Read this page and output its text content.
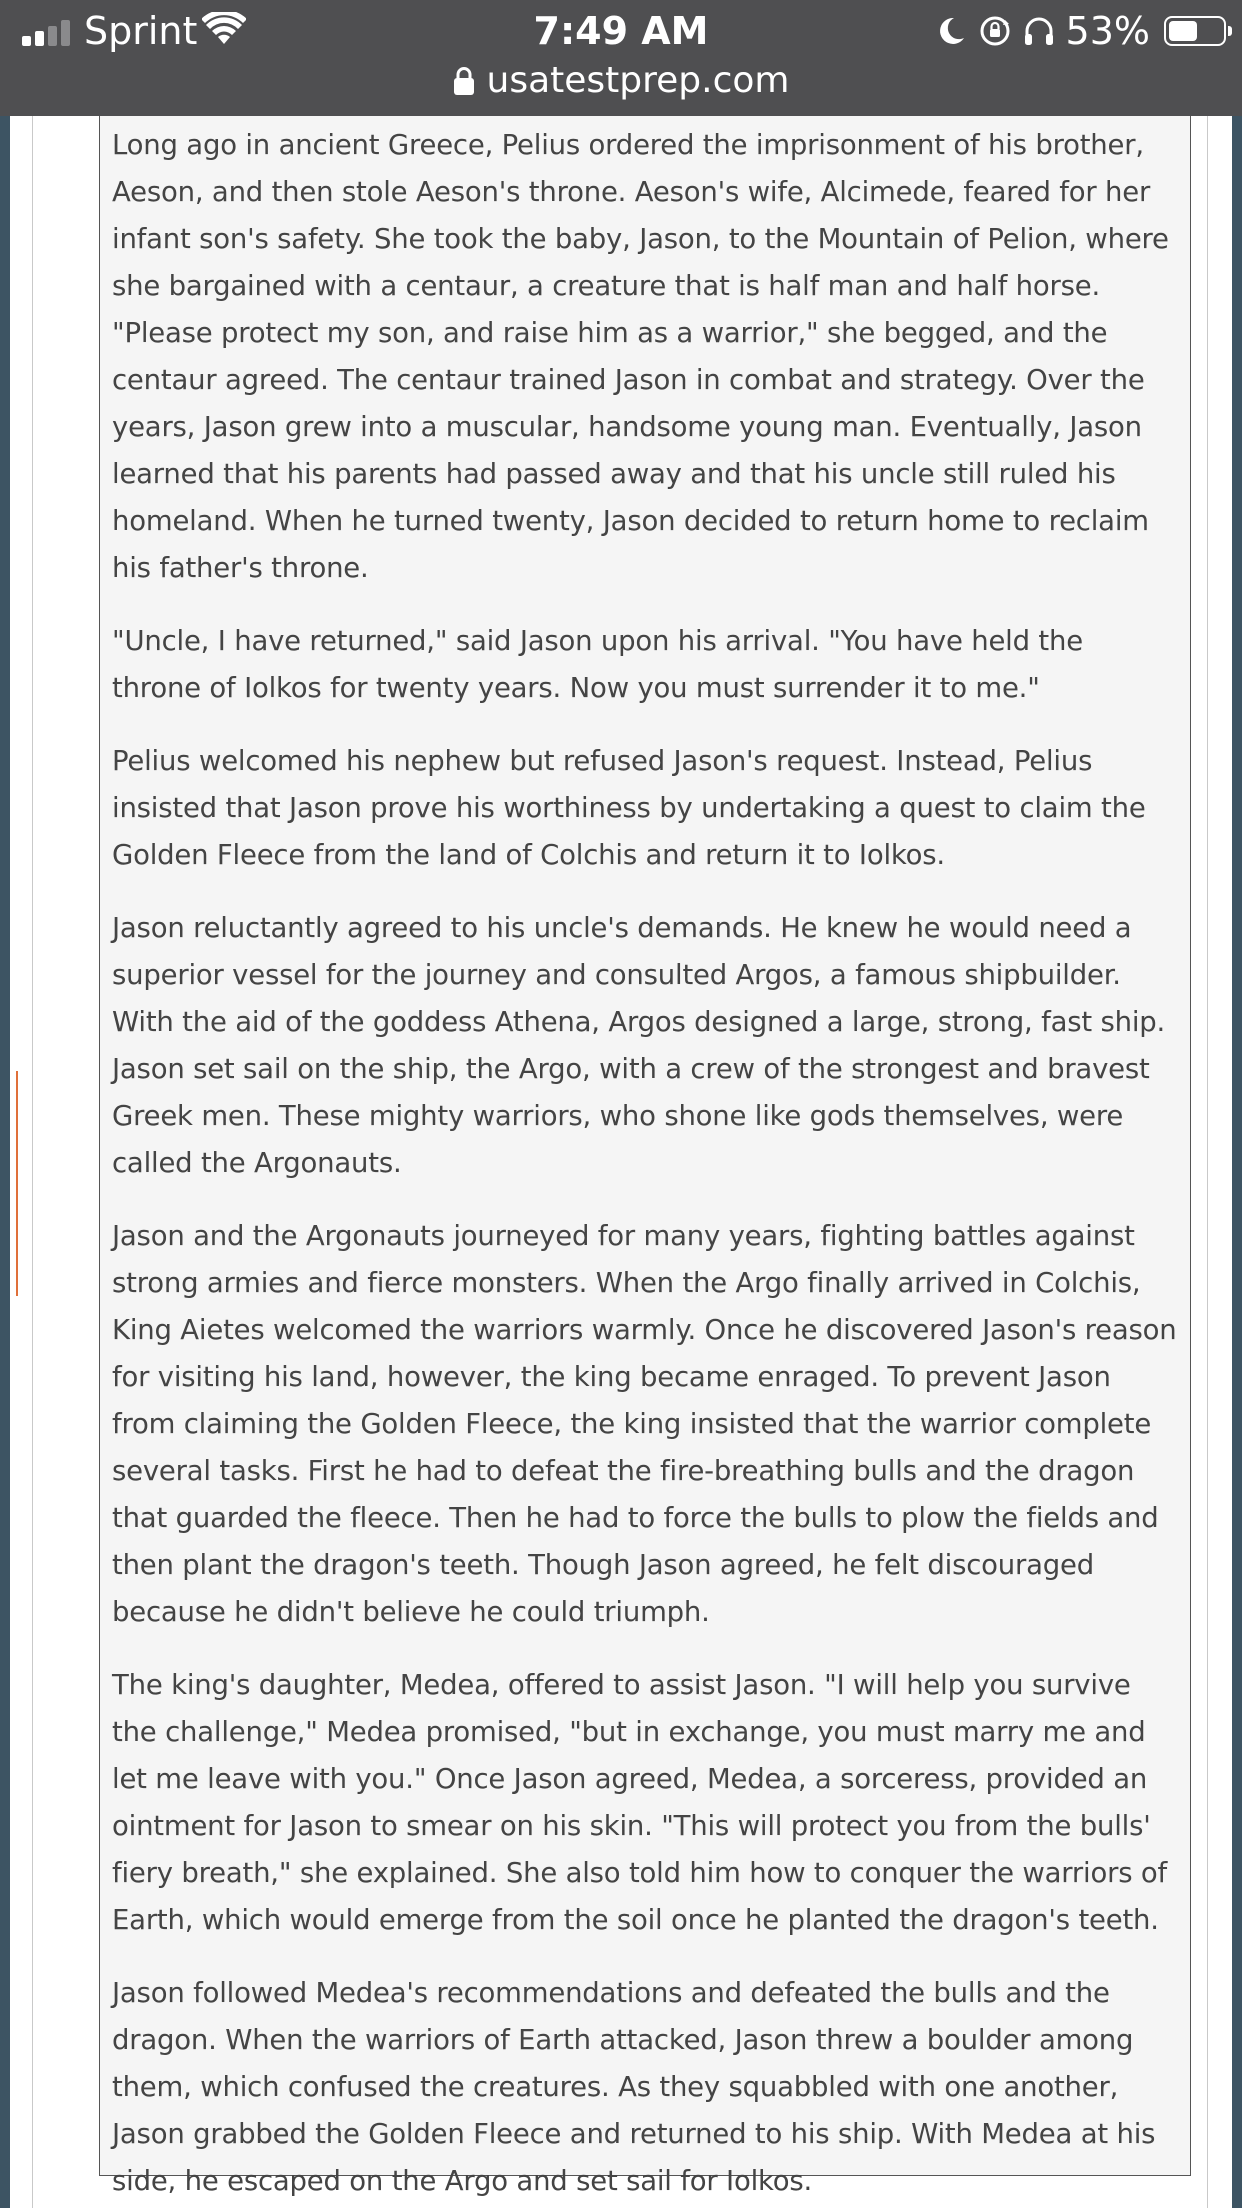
Sprint	7:49 AM	53%
usatestprep.com

Long ago in ancient Greece, Pelius ordered the imprisonment of his brother, Aeson, and then stole Aeson's throne. Aeson's wife, Alcimede, feared for her infant son's safety. She took the baby, Jason, to the Mountain of Pelion, where she bargained with a centaur, a creature that is half man and half horse. "Please protect my son, and raise him as a warrior," she begged, and the centaur agreed. The centaur trained Jason in combat and strategy. Over the years, Jason grew into a muscular, handsome young man. Eventually, Jason learned that his parents had passed away and that his uncle still ruled his homeland. When he turned twenty, Jason decided to return home to reclaim his father's throne.

"Uncle, I have returned," said Jason upon his arrival. "You have held the throne of Iolkos for twenty years. Now you must surrender it to me."

Pelius welcomed his nephew but refused Jason's request. Instead, Pelius insisted that Jason prove his worthiness by undertaking a quest to claim the Golden Fleece from the land of Colchis and return it to Iolkos.

Jason reluctantly agreed to his uncle's demands. He knew he would need a superior vessel for the journey and consulted Argos, a famous shipbuilder. With the aid of the goddess Athena, Argos designed a large, strong, fast ship. Jason set sail on the ship, the Argo, with a crew of the strongest and bravest Greek men. These mighty warriors, who shone like gods themselves, were called the Argonauts.

Jason and the Argonauts journeyed for many years, fighting battles against strong armies and fierce monsters. When the Argo finally arrived in Colchis, King Aietes welcomed the warriors warmly. Once he discovered Jason's reason for visiting his land, however, the king became enraged. To prevent Jason from claiming the Golden Fleece, the king insisted that the warrior complete several tasks. First he had to defeat the fire-breathing bulls and the dragon that guarded the fleece. Then he had to force the bulls to plow the fields and then plant the dragon's teeth. Though Jason agreed, he felt discouraged because he didn't believe he could triumph.

The king's daughter, Medea, offered to assist Jason. "I will help you survive the challenge," Medea promised, "but in exchange, you must marry me and let me leave with you." Once Jason agreed, Medea, a sorceress, provided an ointment for Jason to smear on his skin. "This will protect you from the bulls' fiery breath," she explained. She also told him how to conquer the warriors of Earth, which would emerge from the soil once he planted the dragon's teeth.

Jason followed Medea's recommendations and defeated the bulls and the dragon. When the warriors of Earth attacked, Jason threw a boulder among them, which confused the creatures. As they squabbled with one another, Jason grabbed the Golden Fleece and returned to his ship. With Medea at his side, he escaped on the Argo and set sail for Iolkos.
